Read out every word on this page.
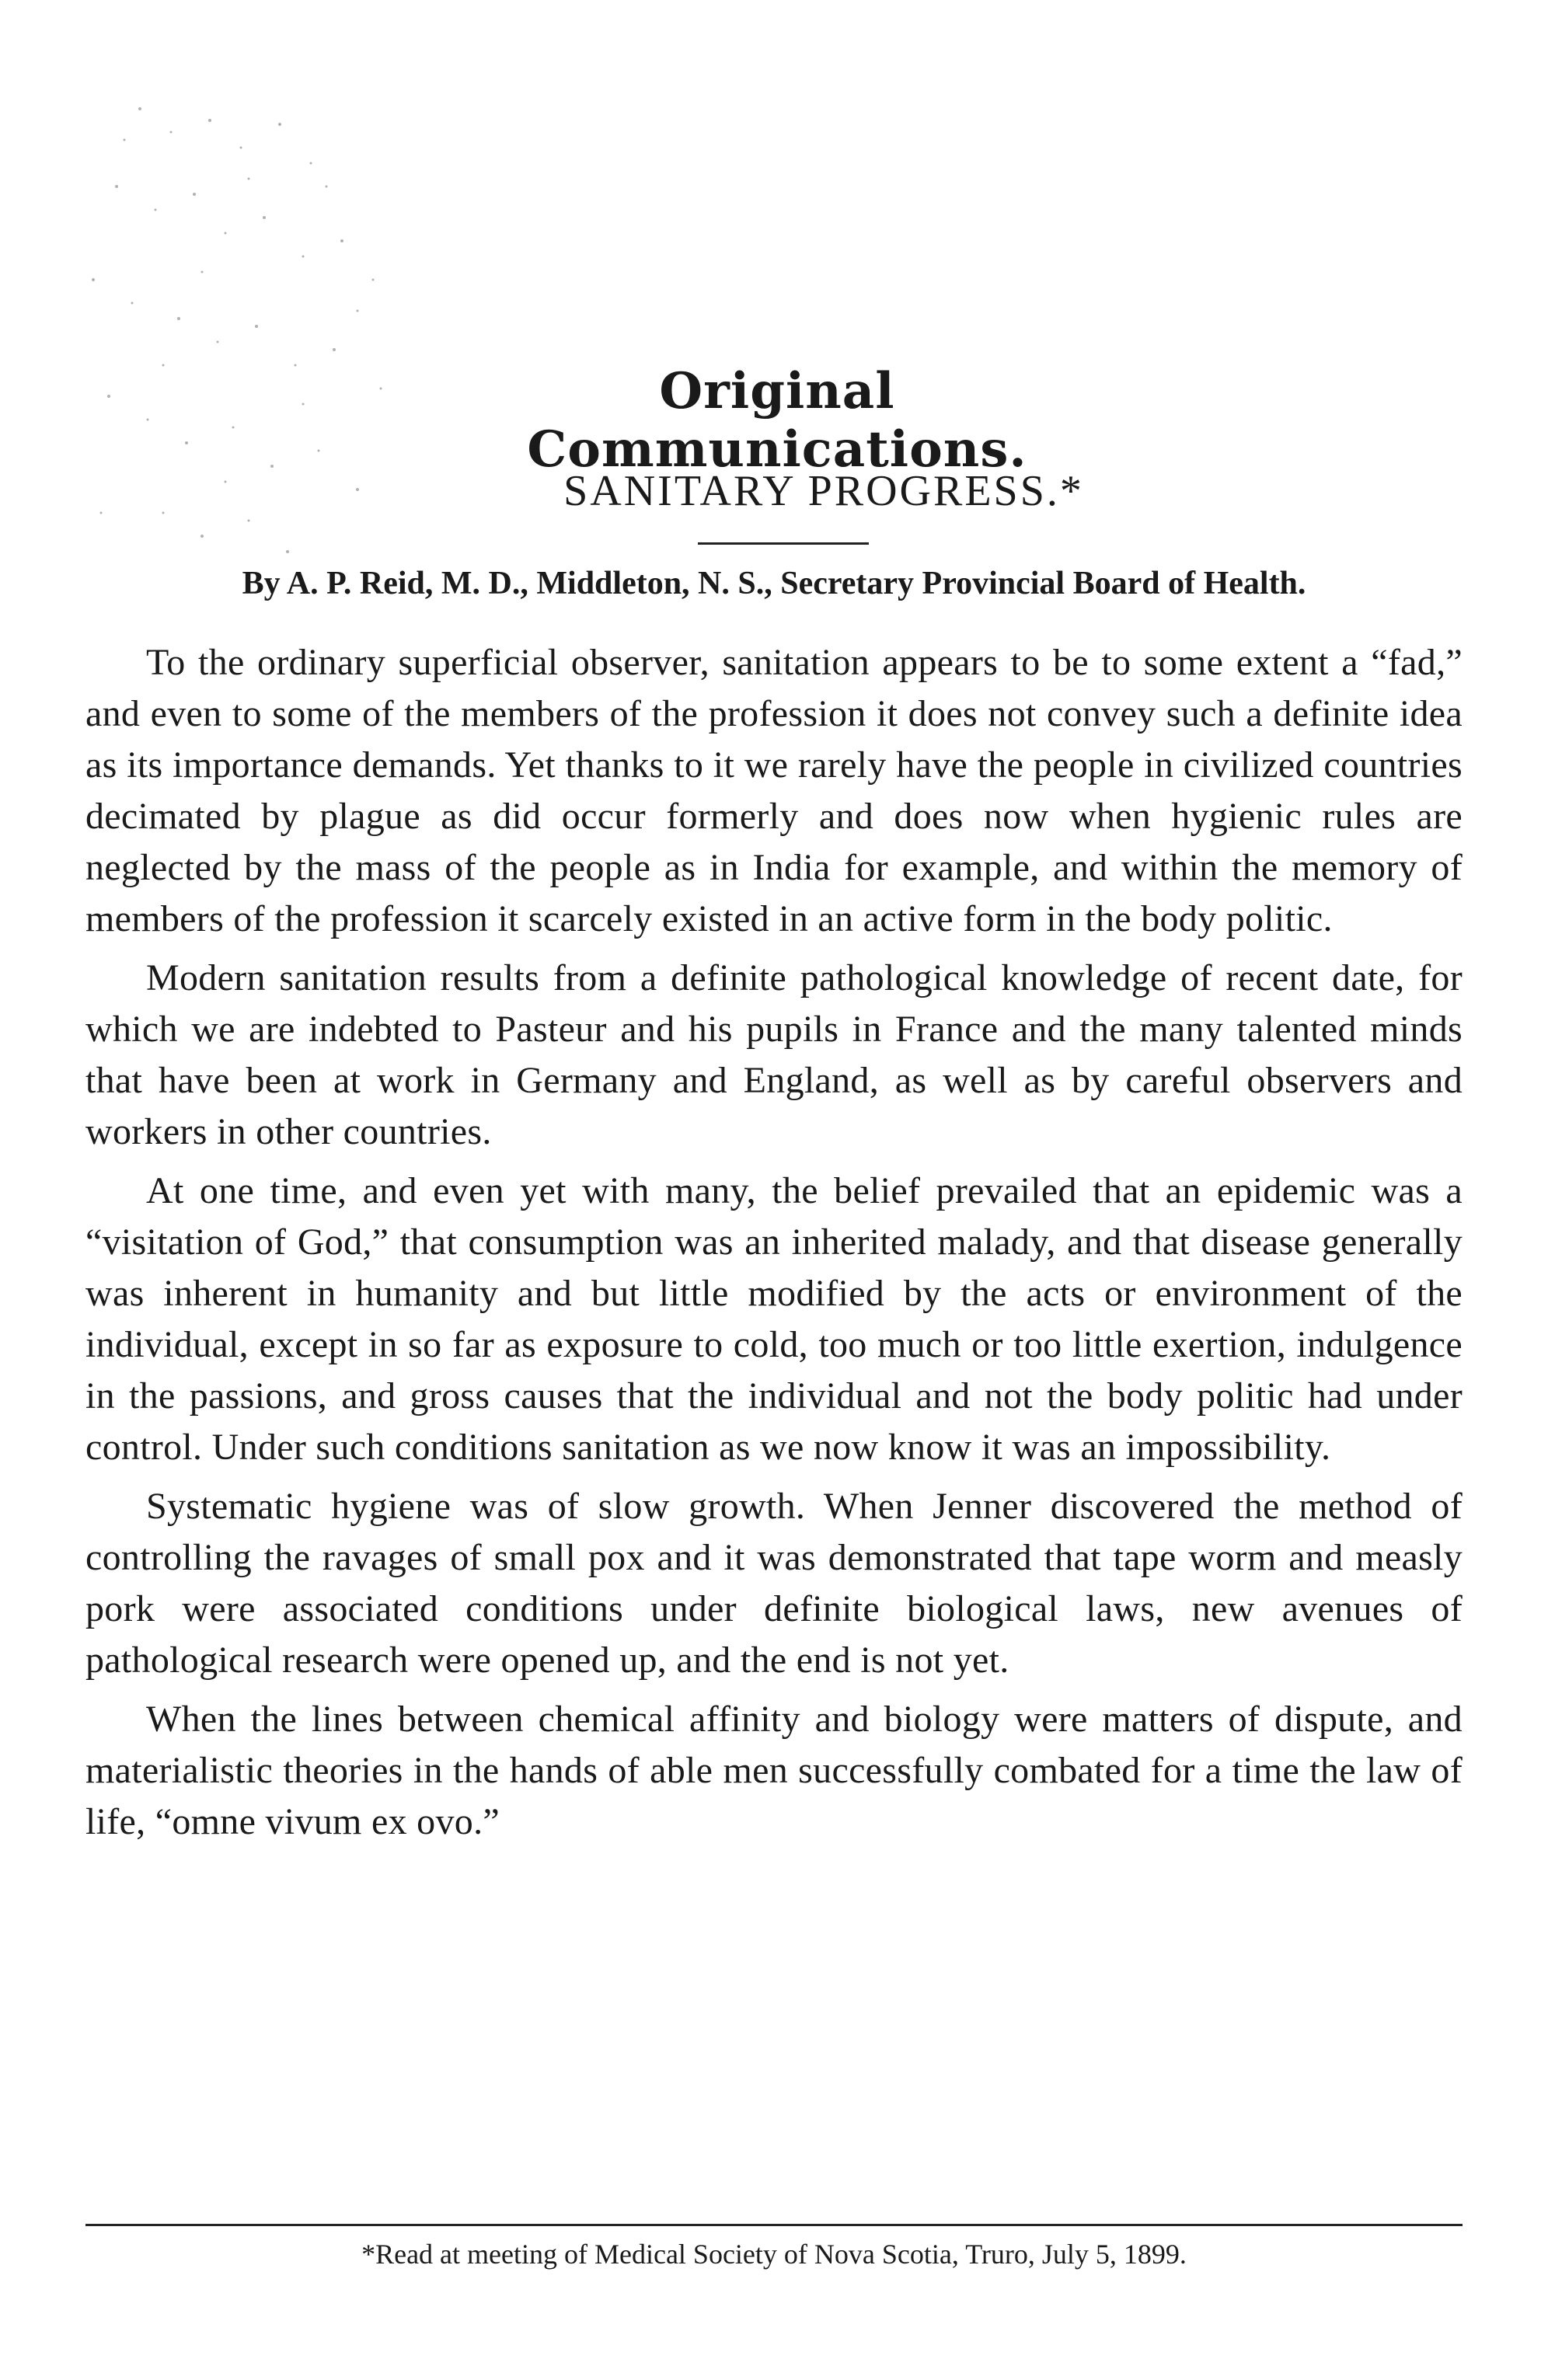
Original Communications.
SANITARY PROGRESS.*
By A. P. Reid, M. D., Middleton, N. S., Secretary Provincial Board of Health.

To the ordinary superficial observer, sanitation appears to be to some extent a “fad,” and even to some of the members of the profession it does not convey such a definite idea as its importance demands. Yet thanks to it we rarely have the people in civilized countries decimated by plague as did occur formerly and does now when hygienic rules are neglected by the mass of the people as in India for example, and within the memory of members of the profession it scarcely existed in an active form in the body politic.

Modern sanitation results from a definite pathological knowledge of recent date, for which we are indebted to Pasteur and his pupils in France and the many talented minds that have been at work in Germany and England, as well as by careful observers and workers in other countries.

At one time, and even yet with many, the belief prevailed that an epidemic was a “visitation of God,” that consumption was an inherited malady, and that disease generally was inherent in humanity and but little modified by the acts or environment of the individual, except in so far as exposure to cold, too much or too little exertion, indulgence in the passions, and gross causes that the individual and not the body politic had under control. Under such conditions sanitation as we now know it was an impossibility.

Systematic hygiene was of slow growth. When Jenner discovered the method of controlling the ravages of small pox and it was demonstrated that tape worm and measly pork were associated conditions under definite biological laws, new avenues of pathological research were opened up, and the end is not yet.

When the lines between chemical affinity and biology were matters of dispute, and materialistic theories in the hands of able men successfully combated for a time the law of life, “omne vivum ex ovo.”

*Read at meeting of Medical Society of Nova Scotia, Truro, July 5, 1899.
